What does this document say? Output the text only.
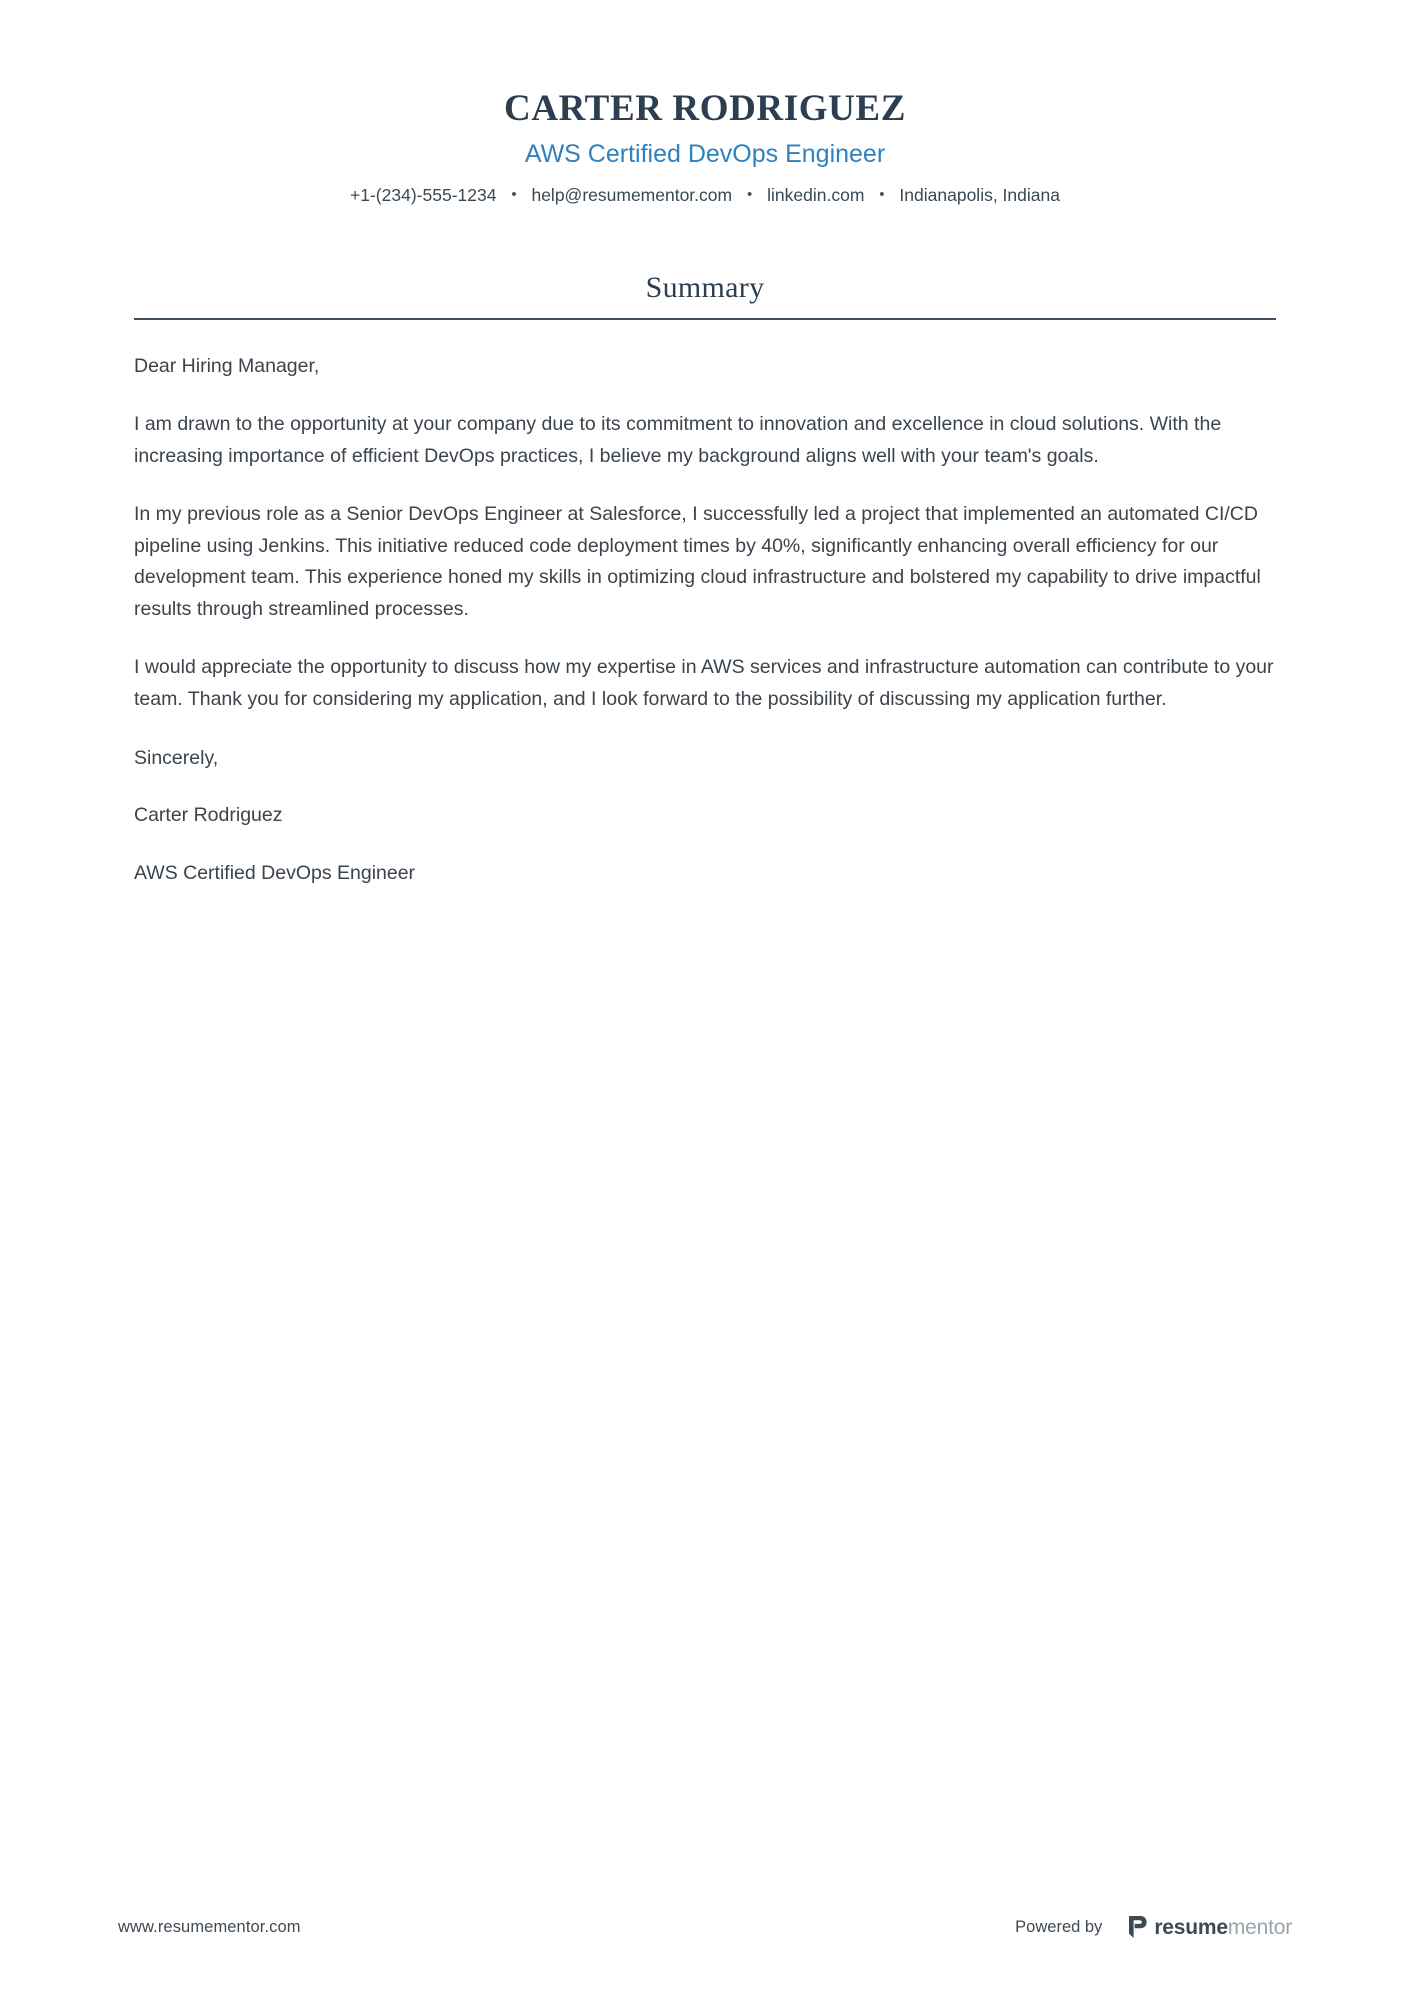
CARTER RODRIGUEZ
AWS Certified DevOps Engineer
+1-(234)-555-1234 • help@resumementor.com • linkedin.com • Indianapolis, Indiana
Summary

Dear Hiring Manager,

I am drawn to the opportunity at your company due to its commitment to innovation and excellence in cloud solutions. With the increasing importance of efficient DevOps practices, I believe my background aligns well with your team's goals.

In my previous role as a Senior DevOps Engineer at Salesforce, I successfully led a project that implemented an automated CI/CD pipeline using Jenkins. This initiative reduced code deployment times by 40%, significantly enhancing overall efficiency for our development team. This experience honed my skills in optimizing cloud infrastructure and bolstered my capability to drive impactful results through streamlined processes.

I would appreciate the opportunity to discuss how my expertise in AWS services and infrastructure automation can contribute to your team. Thank you for considering my application, and I look forward to the possibility of discussing my application further.

Sincerely,

Carter Rodriguez

AWS Certified DevOps Engineer

www.resumementor.com	Powered by resumementor
